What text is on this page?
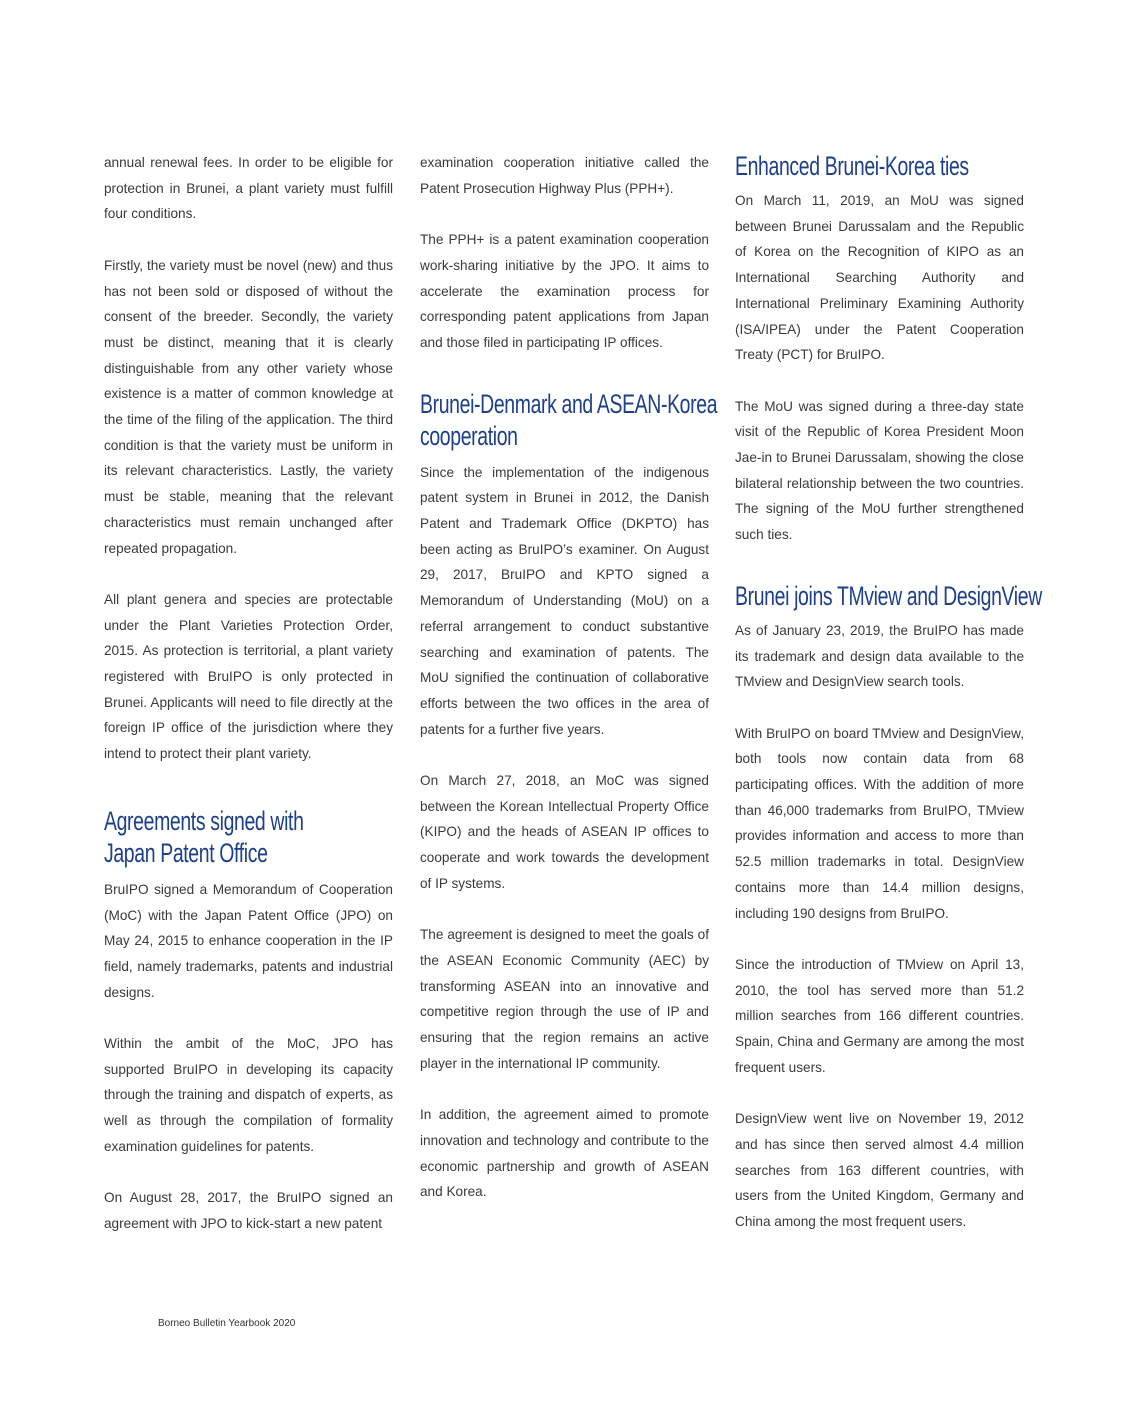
annual renewal fees. In order to be eligible for protection in Brunei, a plant variety must fulfill four conditions.

Firstly, the variety must be novel (new) and thus has not been sold or disposed of without the consent of the breeder. Secondly, the variety must be distinct, meaning that it is clearly distinguishable from any other variety whose existence is a matter of common knowledge at the time of the filing of the application. The third condition is that the variety must be uniform in its relevant characteristics. Lastly, the variety must be stable, meaning that the relevant characteristics must remain unchanged after repeated propagation.

All plant genera and species are protectable under the Plant Varieties Protection Order, 2015. As protection is territorial, a plant variety registered with BruIPO is only protected in Brunei. Applicants will need to file directly at the foreign IP office of the jurisdiction where they intend to protect their plant variety.

Agreements signed with
Japan Patent Office

BruIPO signed a Memorandum of Cooperation (MoC) with the Japan Patent Office (JPO) on May 24, 2015 to enhance cooperation in the IP field, namely trademarks, patents and industrial designs.

Within the ambit of the MoC, JPO has supported BruIPO in developing its capacity through the training and dispatch of experts, as well as through the compilation of formality examination guidelines for patents.

On August 28, 2017, the BruIPO signed an agreement with JPO to kick-start a new patent

examination cooperation initiative called the Patent Prosecution Highway Plus (PPH+).

The PPH+ is a patent examination cooperation work-sharing initiative by the JPO. It aims to accelerate the examination process for corresponding patent applications from Japan and those filed in participating IP offices.

Brunei-Denmark and ASEAN-Korea
cooperation

Since the implementation of the indigenous patent system in Brunei in 2012, the Danish Patent and Trademark Office (DKPTO) has been acting as BruIPO’s examiner. On August 29, 2017, BruIPO and KPTO signed a Memorandum of Understanding (MoU) on a referral arrangement to conduct substantive searching and examination of patents. The MoU signified the continuation of collaborative efforts between the two offices in the area of patents for a further five years.

On March 27, 2018, an MoC was signed between the Korean Intellectual Property Office (KIPO) and the heads of ASEAN IP offices to cooperate and work towards the development of IP systems.

The agreement is designed to meet the goals of the ASEAN Economic Community (AEC) by transforming ASEAN into an innovative and competitive region through the use of IP and ensuring that the region remains an active player in the international IP community.

In addition, the agreement aimed to promote innovation and technology and contribute to the economic partnership and growth of ASEAN and Korea.

Enhanced Brunei-Korea ties

On March 11, 2019, an MoU was signed between Brunei Darussalam and the Republic of Korea on the Recognition of KIPO as an International Searching Authority and International Preliminary Examining Authority (ISA/IPEA) under the Patent Cooperation Treaty (PCT) for BruIPO.

The MoU was signed during a three-day state visit of the Republic of Korea President Moon Jae-in to Brunei Darussalam, showing the close bilateral relationship between the two countries. The signing of the MoU further strengthened such ties.

Brunei joins TMview and DesignView

As of January 23, 2019, the BruIPO has made its trademark and design data available to the TMview and DesignView search tools.

With BruIPO on board TMview and DesignView, both tools now contain data from 68 participating offices. With the addition of more than 46,000 trademarks from BruIPO, TMview provides information and access to more than 52.5 million trademarks in total. DesignView contains more than 14.4 million designs, including 190 designs from BruIPO.

Since the introduction of TMview on April 13, 2010, the tool has served more than 51.2 million searches from 166 different countries. Spain, China and Germany are among the most frequent users.

DesignView went live on November 19, 2012 and has since then served almost 4.4 million searches from 163 different countries, with users from the United Kingdom, Germany and China among the most frequent users.

Borneo Bulletin Yearbook 2020
